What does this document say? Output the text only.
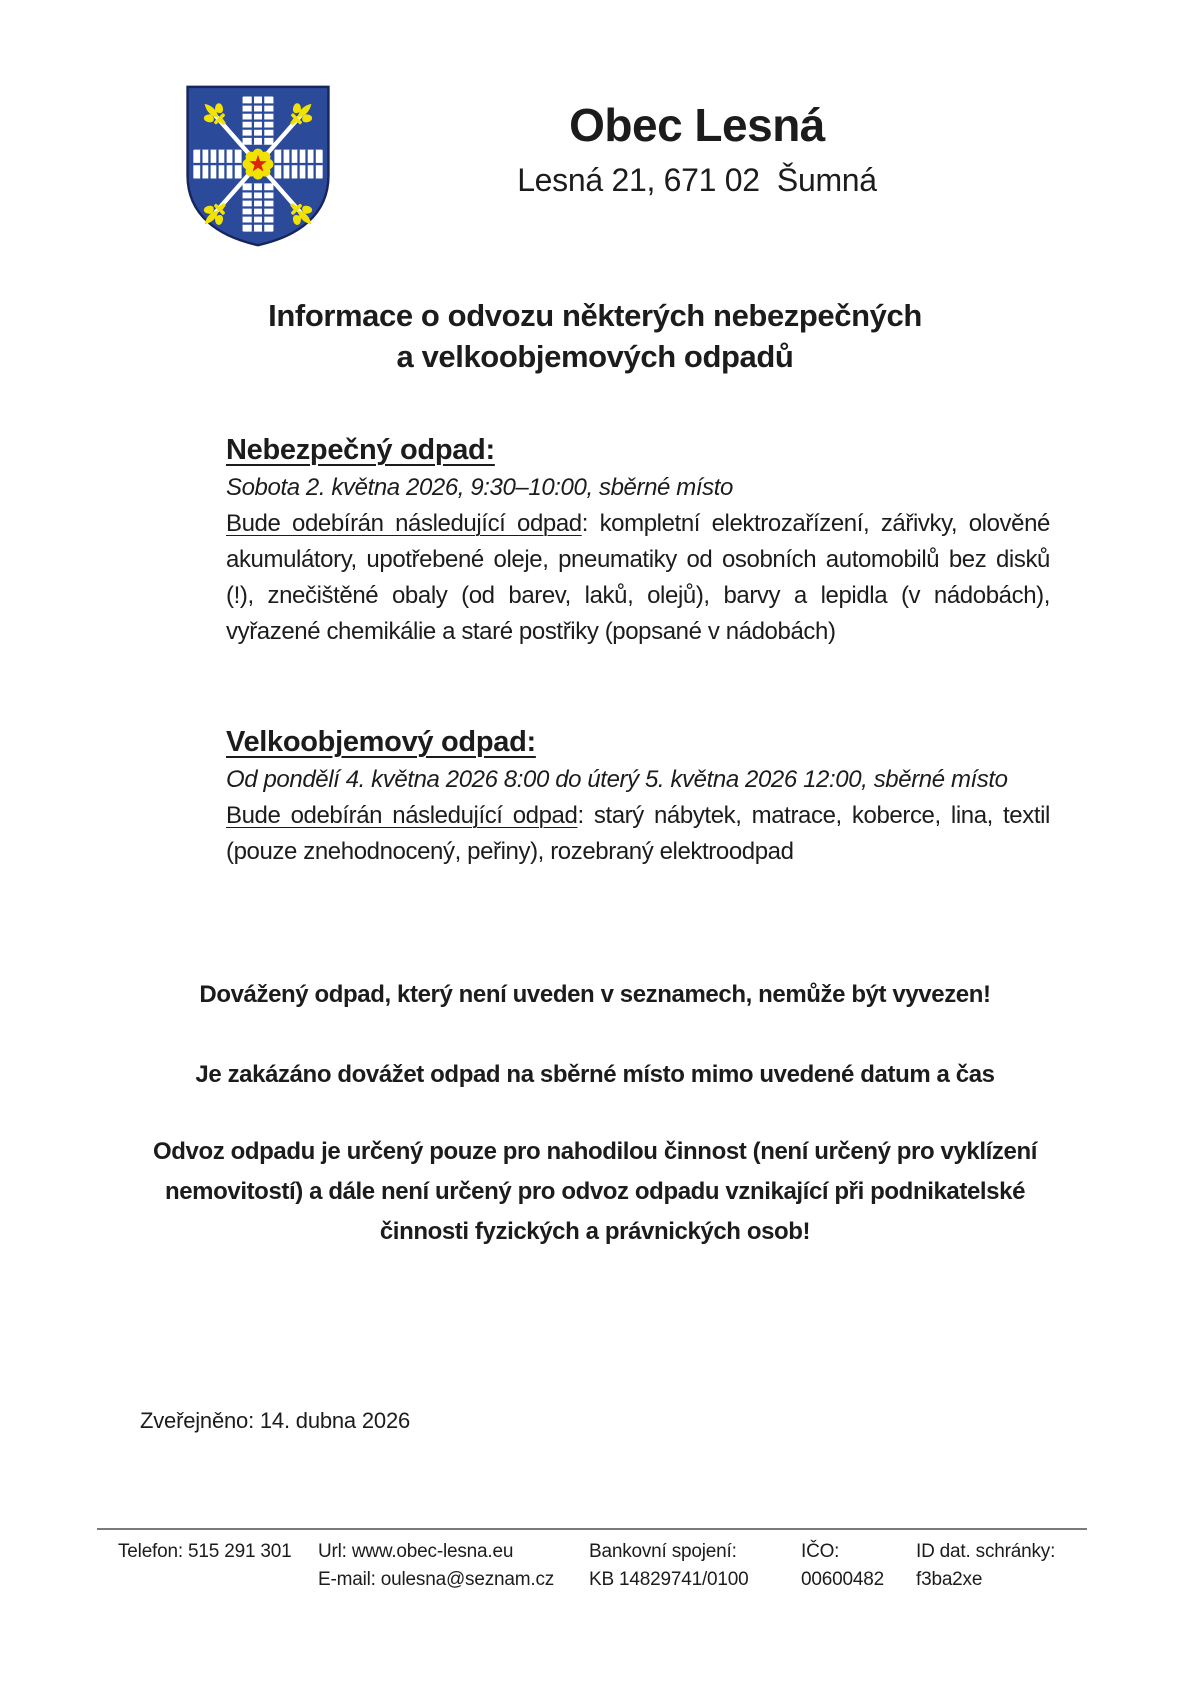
Obec Lesná
Lesná 21, 671 02  Šumná
Informace o odvozu některých nebezpečných
a velkoobjemových odpadů
Nebezpečný odpad:
Sobota 2. května 2026, 9:30–10:00, sběrné místo
Bude odebírán následující odpad: kompletní elektrozařízení, zářivky, olověné akumulátory, upotřebené oleje, pneumatiky od osobních automobilů bez disků (!), znečištěné obaly (od barev, laků, olejů), barvy a lepidla (v nádobách), vyřazené chemikálie a staré postřiky (popsané v nádobách)
Velkoobjemový odpad:
Od pondělí 4. května 2026 8:00 do úterý 5. května 2026 12:00, sběrné místo
Bude odebírán následující odpad: starý nábytek, matrace, koberce, lina, textil (pouze znehodnocený, peřiny), rozebraný elektroodpad
Dovážený odpad, který není uveden v seznamech, nemůže být vyvezen!
Je zakázáno dovážet odpad na sběrné místo mimo uvedené datum a čas
Odvoz odpadu je určený pouze pro nahodilou činnost (není určený pro vyklízení nemovitostí) a dále není určený pro odvoz odpadu vznikající při podnikatelské činnosti fyzických a právnických osob!
Zveřejněno: 14. dubna 2026
Telefon: 515 291 301 Url: www.obec-lesna.eu
E-mail: oulesna@seznam.cz
Bankovní spojení:
KB 14829741/0100
IČO:
00600482
ID dat. schránky:
f3ba2xe
